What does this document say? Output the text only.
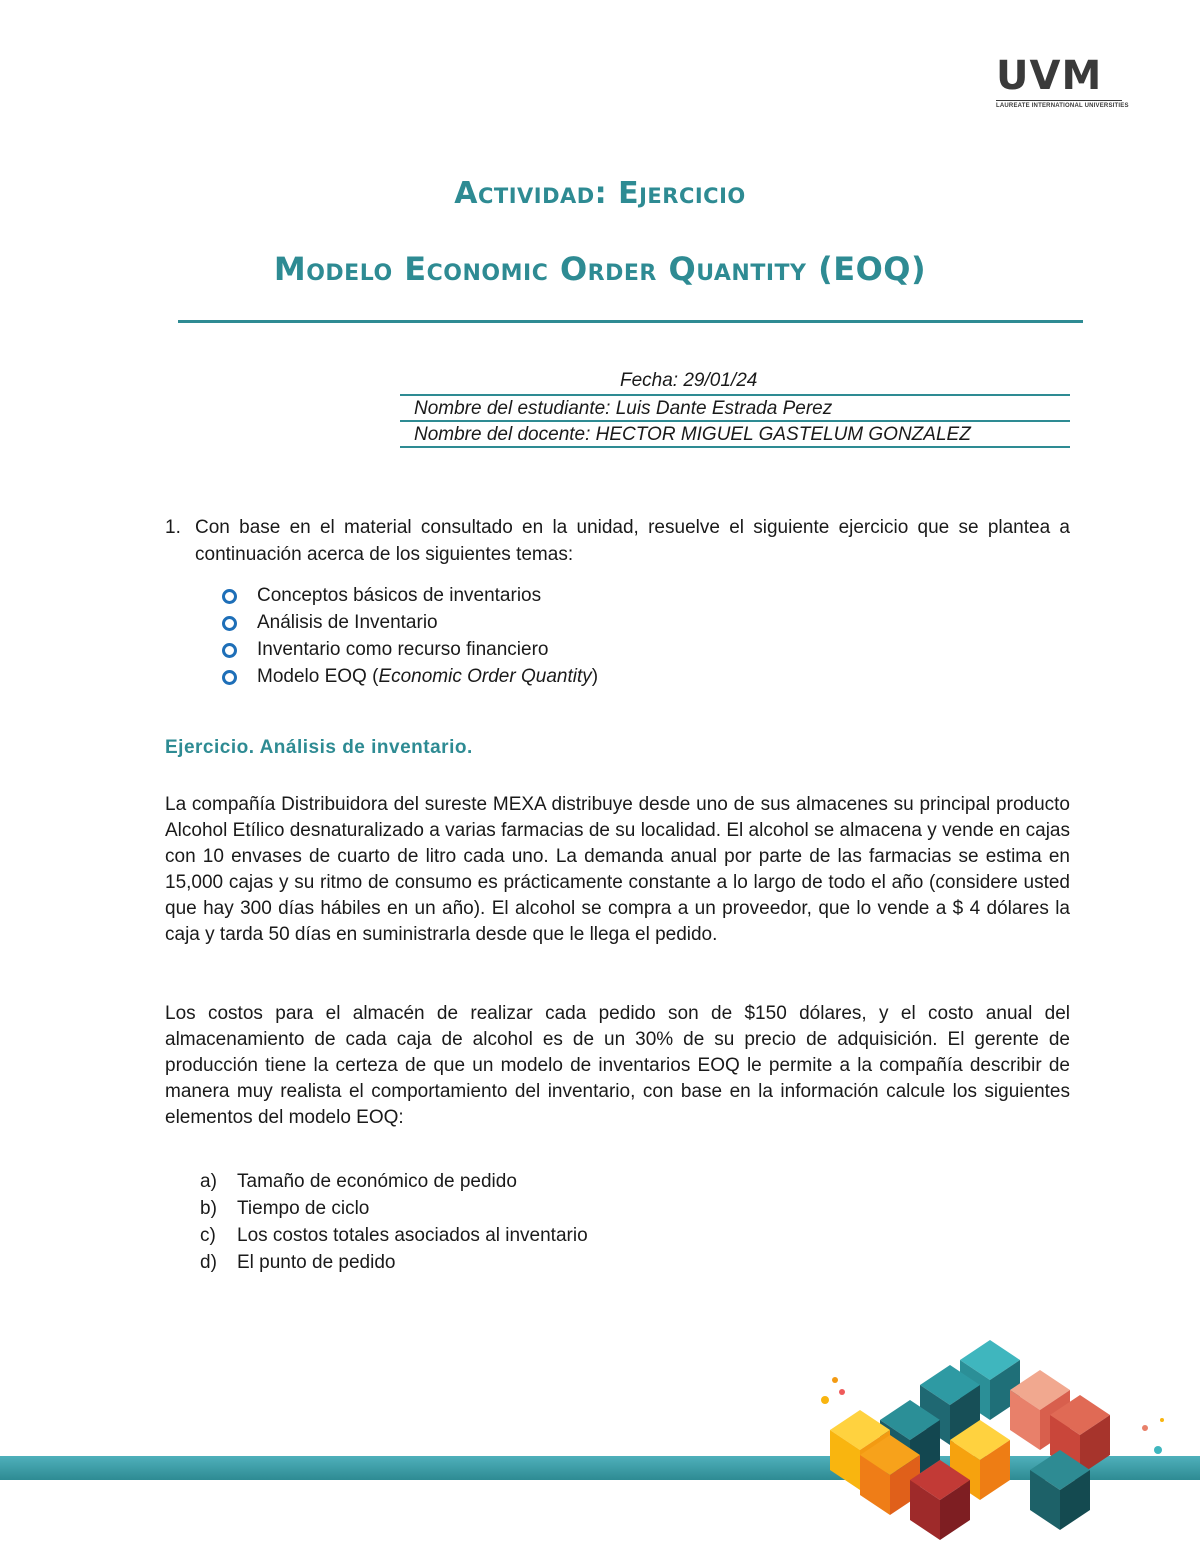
UVM
LAUREATE INTERNATIONAL UNIVERSITIES
Actividad: Ejercicio
Modelo Economic Order Quantity (EOQ)
Fecha: 29/01/24
Nombre del estudiante: Luis Dante Estrada Perez
Nombre del docente: HECTOR MIGUEL GASTELUM GONZALEZ
1. Con base en el material consultado en la unidad, resuelve el siguiente ejercicio que se plantea a continuación acerca de los siguientes temas:
Conceptos básicos de inventarios
Análisis de Inventario
Inventario como recurso financiero
Modelo EOQ (Economic Order Quantity)
Ejercicio. Análisis de inventario.
La compañía Distribuidora del sureste MEXA distribuye desde uno de sus almacenes su principal producto Alcohol Etílico desnaturalizado a varias farmacias de su localidad. El alcohol se almacena y vende en cajas con 10 envases de cuarto de litro cada uno. La demanda anual por parte de las farmacias se estima en 15,000 cajas y su ritmo de consumo es prácticamente constante a lo largo de todo el año (considere usted que hay 300 días hábiles en un año). El alcohol se compra a un proveedor, que lo vende a $ 4 dólares la caja y tarda 50 días en suministrarla desde que le llega el pedido.
Los costos para el almacén de realizar cada pedido son de $150 dólares, y el costo anual del almacenamiento de cada caja de alcohol es de un 30% de su precio de adquisición. El gerente de producción tiene la certeza de que un modelo de inventarios EOQ le permite a la compañía describir de manera muy realista el comportamiento del inventario, con base en la información calcule los siguientes elementos del modelo EOQ:
a) Tamaño de económico de pedido
b) Tiempo de ciclo
c) Los costos totales asociados al inventario
d) El punto de pedido
